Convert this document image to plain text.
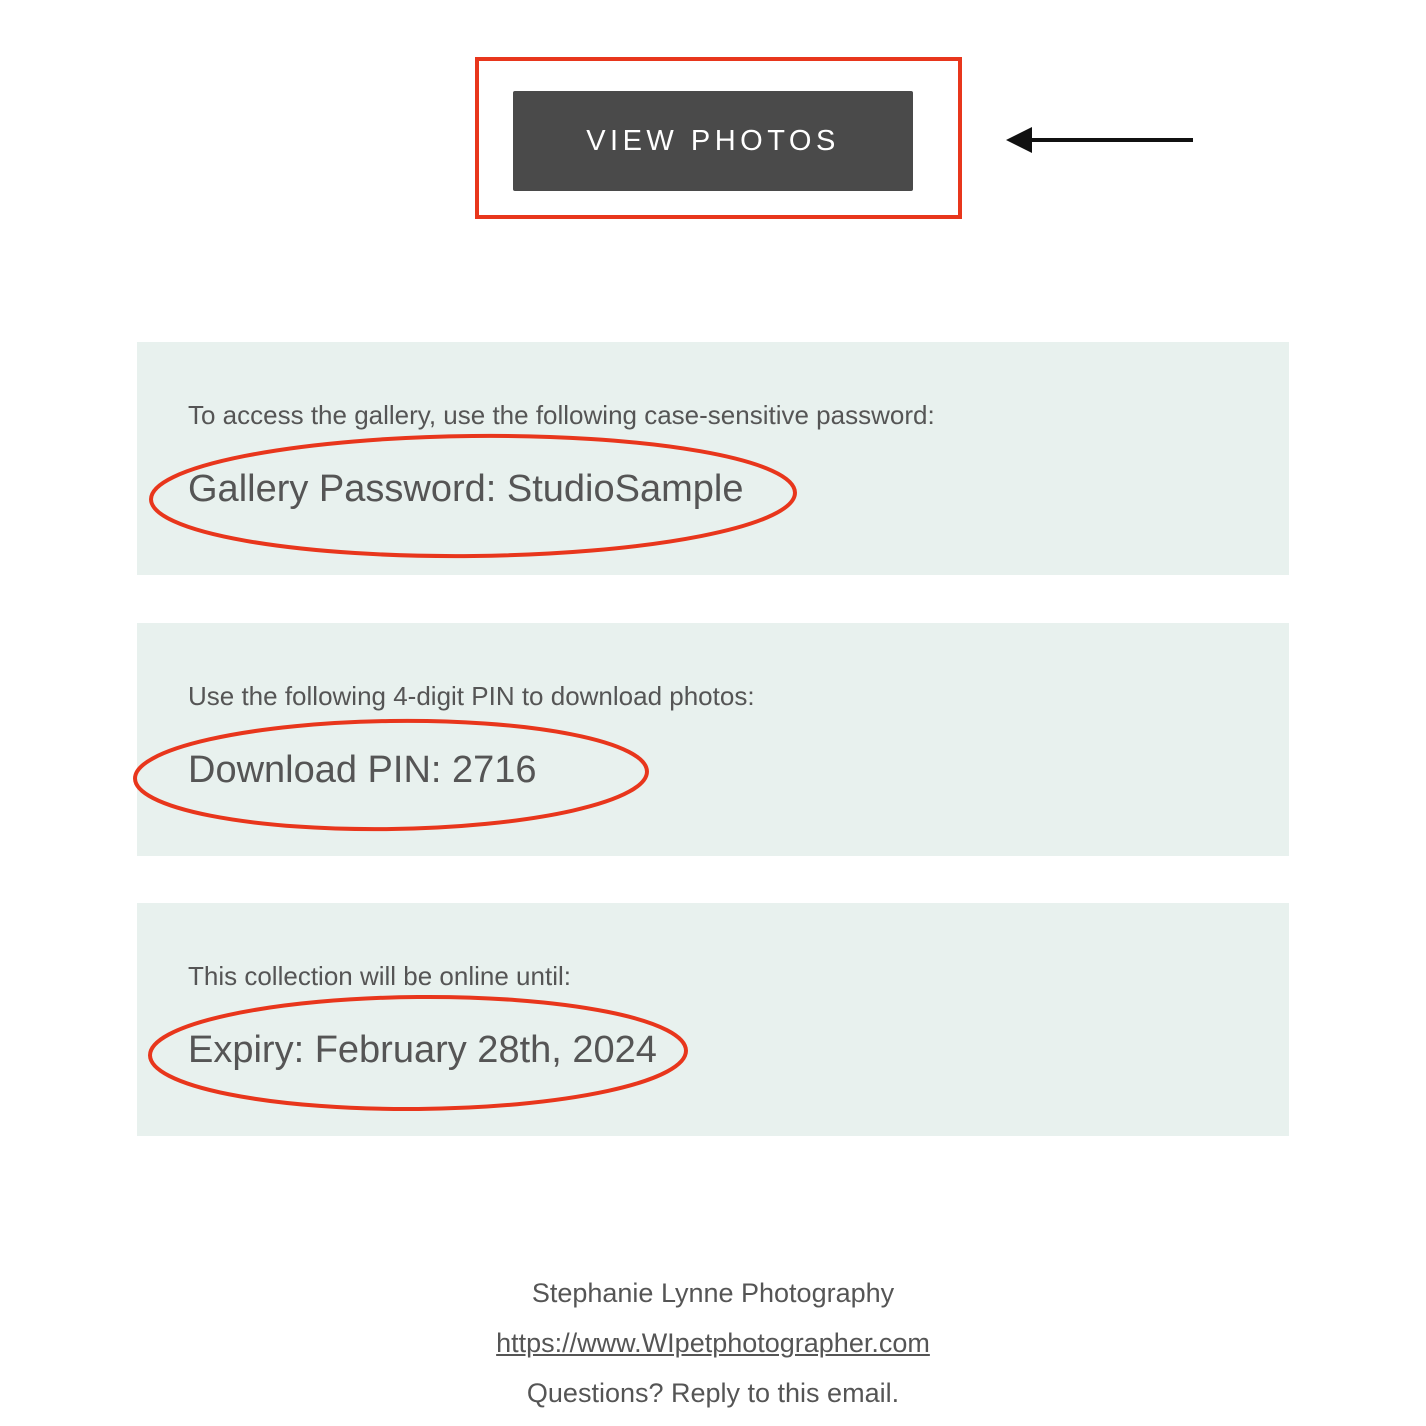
VIEW PHOTOS
To access the gallery, use the following case-sensitive password:
Gallery Password: StudioSample
Use the following 4-digit PIN to download photos:
Download PIN: 2716
This collection will be online until:
Expiry: February 28th, 2024
Stephanie Lynne Photography
https://www.WIpetphotographer.com
Questions? Reply to this email.
